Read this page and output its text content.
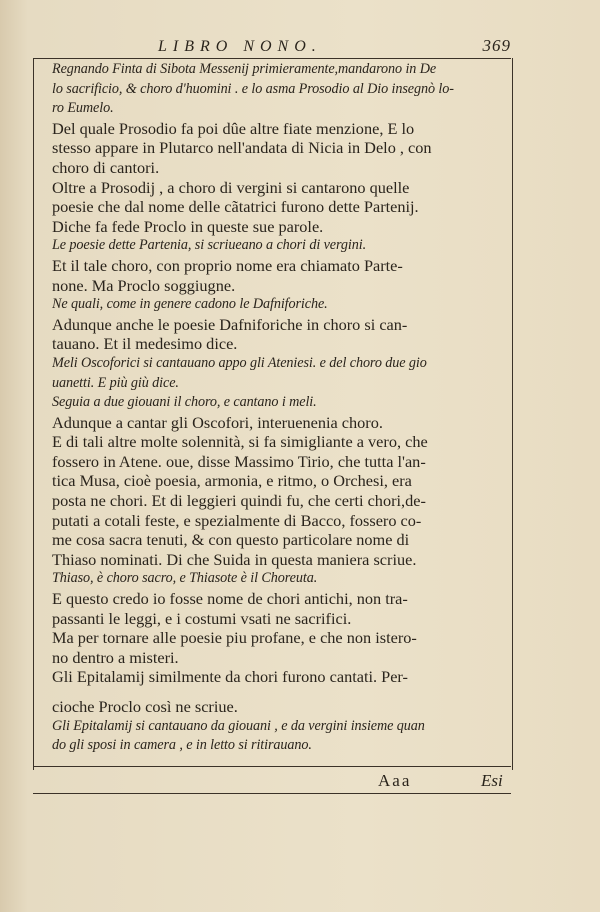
LIBRO NONO.	369
Regnando Finta di Sibota Messenij primieramente,mandarono in De
lo sacrificio, & choro d'huomini . e lo asma Prosodio al Dio insegnò lo-
ro Eumelo.
Del quale Prosodio fa poi dûe altre fiate menzione, E lo
stesso appare in Plutarco nell'andata di Nicia in Delo , con
choro di cantori.
Oltre a Prosodij , a choro di vergini si cantarono quelle
poesie che dal nome delle cãtatrici furono dette Partenij.
Diche fa fede Proclo in queste sue parole.
Le poesie dette Partenia, si scriueano a chori di vergini.
Et il tale choro, con proprio nome era chiamato Parte-
none. Ma Proclo soggiugne.
Ne quali, come in genere cadono le Dafniforiche.
Adunque anche le poesie Dafniforiche in choro si can-
tauano. Et il medesimo dice.
Meli Oscoforici si cantauano appo gli Ateniesi. e del choro due gio
uanetti. E più giù dice.
Seguia a due giouani il choro, e cantano i meli.
Adunque a cantar gli Oscofori, interuenenia choro.
E di tali altre molte solennità, si fa simigliante a vero, che
fossero in Atene. oue, disse Massimo Tirio, che tutta l'an-
tica Musa, cioè poesia, armonia, e ritmo, o Orchesi, era
posta ne chori. Et di leggieri quindi fu, che certi chori,de-
putati a cotali feste, e spezialmente di Bacco, fossero co-
me cosa sacra tenuti, & con questo particolare nome di
Thiaso nominati. Di che Suida in questa maniera scriue.
Thiaso, è choro sacro, e Thiasote è il Choreuta.
E questo credo io fosse nome de chori antichi, non tra-
passanti le leggi, e i costumi vsati ne sacrifici.
Ma per tornare alle poesie piu profane, e che non istero-
no dentro a misteri.
Gli Epitalamij similmente da chori furono cantati. Per-
cioche Proclo così ne scriue.
Gli Epitalamij si cantauano da giouani , e da vergini insieme quan
do gli sposi in camera , e in letto si ritirauano.
Aaa	Esi
